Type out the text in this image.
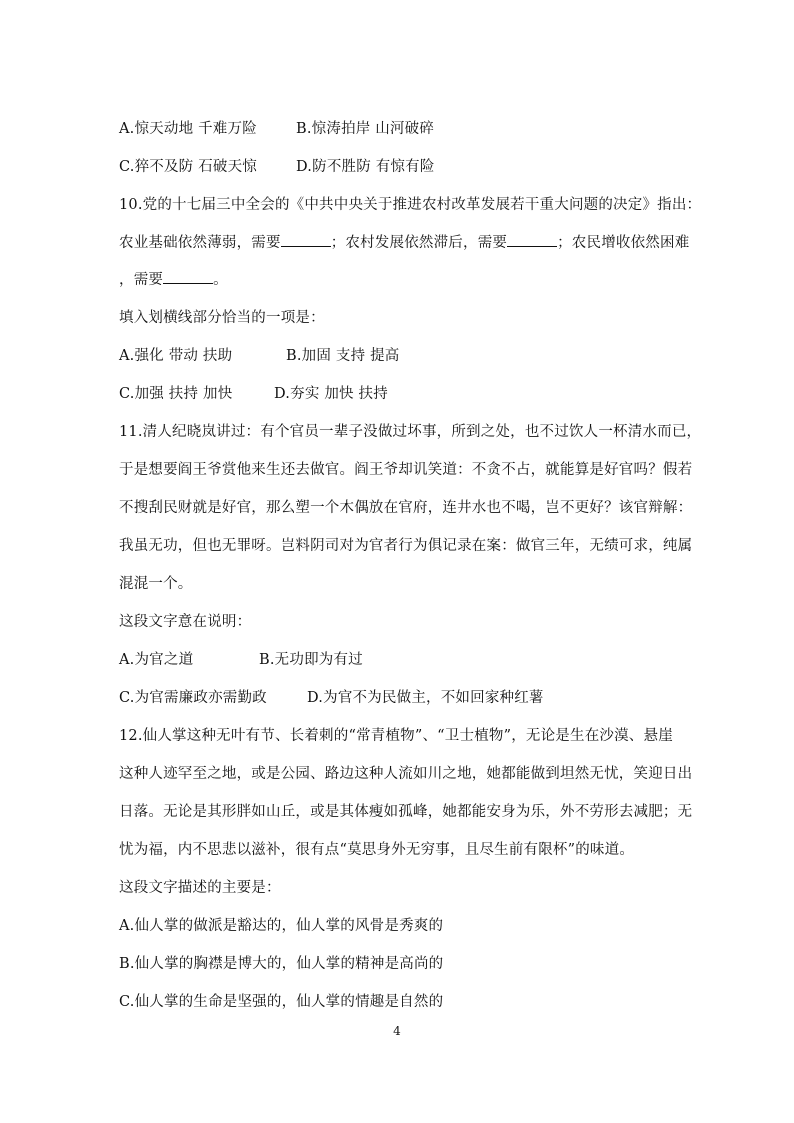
A.惊天动地 千难万险	B.惊涛拍岸 山河破碎
C.猝不及防 石破天惊	D.防不胜防 有惊有险
10.党的十七届三中全会的《中共中央关于推进农村改革发展若干重大问题的决定》指出：
农业基础依然薄弱，需要	；农村发展依然滞后，需要	；农民增收依然困难
，需要	。
填入划横线部分恰当的一项是：
A.强化 带动 扶助	B.加固 支持 提高
C.加强 扶持 加快	D.夯实 加快 扶持
11.清人纪晓岚讲过：有个官员一辈子没做过坏事，所到之处，也不过饮人一杯清水而已，
于是想要阎王爷赏他来生还去做官。阎王爷却讥笑道：不贪不占，就能算是好官吗？假若
不搜刮民财就是好官，那么塑一个木偶放在官府，连井水也不喝，岂不更好？该官辩解：
我虽无功，但也无罪呀。岂料阴司对为官者行为俱记录在案：做官三年，无绩可求，纯属
混混一个。
这段文字意在说明：
A.为官之道	B.无功即为有过
C.为官需廉政亦需勤政	D.为官不为民做主，不如回家种红薯
12.仙人掌这种无叶有节、长着刺的“常青植物”、“卫士植物”，无论是生在沙漠、悬崖
这种人迹罕至之地，或是公园、路边这种人流如川之地，她都能做到坦然无忧，笑迎日出
日落。无论是其形胖如山丘，或是其体瘦如孤峰，她都能安身为乐，外不劳形去减肥；无
忧为福，内不思悲以滋补，很有点“莫思身外无穷事，且尽生前有限杯”的味道。
这段文字描述的主要是：
A.仙人掌的做派是豁达的，仙人掌的风骨是秀爽的
B.仙人掌的胸襟是博大的，仙人掌的精神是高尚的
C.仙人掌的生命是坚强的，仙人掌的情趣是自然的
4
